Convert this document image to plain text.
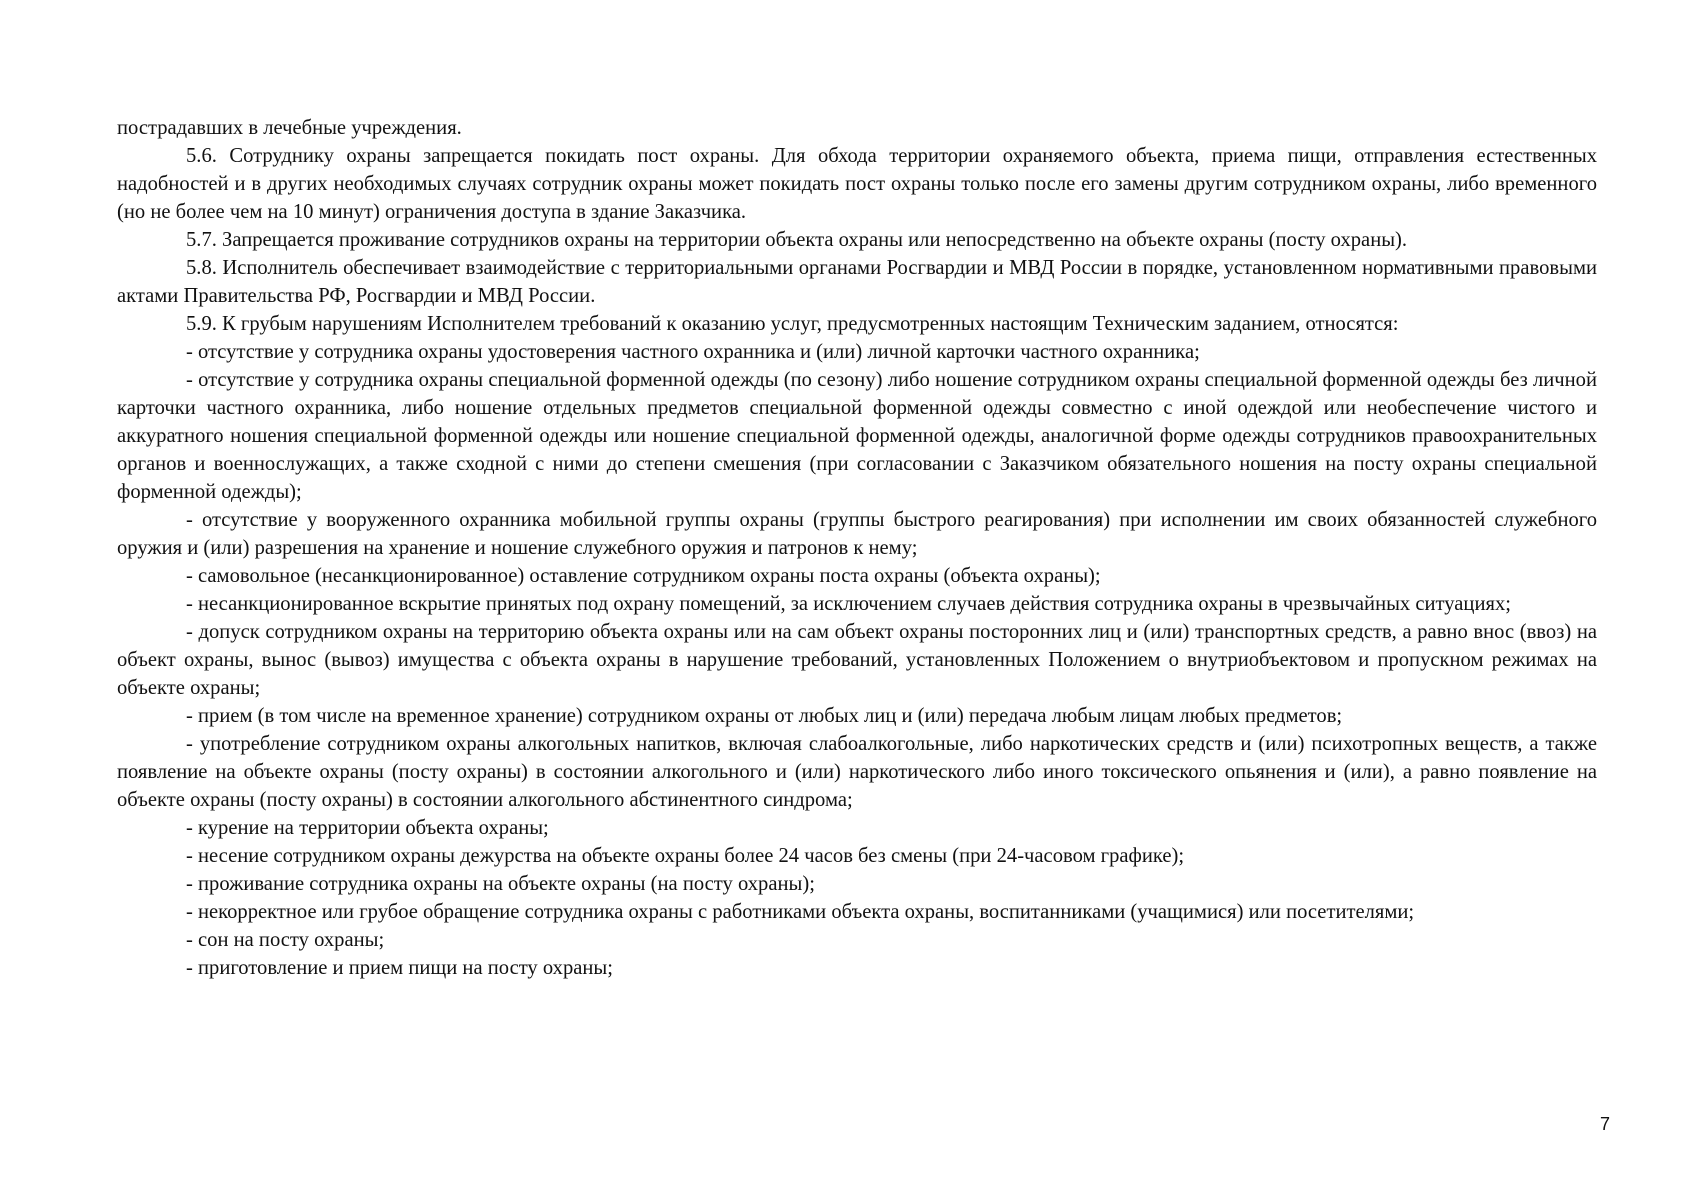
пострадавших в лечебные учреждения.

5.6. Сотруднику охраны запрещается покидать пост охраны. Для обхода территории охраняемого объекта, приема пищи, отправления естественных надобностей и в других необходимых случаях сотрудник охраны может покидать пост охраны только после его замены другим сотрудником охраны, либо временного (но не более чем на 10 минут) ограничения доступа в здание Заказчика.

5.7. Запрещается проживание сотрудников охраны на территории объекта охраны или непосредственно на объекте охраны (посту охраны).

5.8. Исполнитель обеспечивает взаимодействие с территориальными органами Росгвардии и МВД России в порядке, установленном нормативными правовыми актами Правительства РФ, Росгвардии и МВД России.

5.9. К грубым нарушениям Исполнителем требований к оказанию услуг, предусмотренных настоящим Техническим заданием, относятся:

- отсутствие у сотрудника охраны удостоверения частного охранника и (или) личной карточки частного охранника;

- отсутствие у сотрудника охраны специальной форменной одежды (по сезону) либо ношение сотрудником охраны специальной форменной одежды без личной карточки частного охранника, либо ношение отдельных предметов специальной форменной одежды совместно с иной одеждой или необеспечение чистого и аккуратного ношения специальной форменной одежды или ношение специальной форменной одежды, аналогичной форме одежды сотрудников правоохранительных органов и военнослужащих, а также сходной с ними до степени смешения (при согласовании с Заказчиком обязательного ношения на посту охраны специальной форменной одежды);

- отсутствие у вооруженного охранника мобильной группы охраны (группы быстрого реагирования) при исполнении им своих обязанностей служебного оружия и (или) разрешения на хранение и ношение служебного оружия и патронов к нему;

- самовольное (несанкционированное) оставление сотрудником охраны поста охраны (объекта охраны);

- несанкционированное вскрытие принятых под охрану помещений, за исключением случаев действия сотрудника охраны в чрезвычайных ситуациях;

- допуск сотрудником охраны на территорию объекта охраны или на сам объект охраны посторонних лиц и (или) транспортных средств, а равно внос (ввоз) на объект охраны, вынос (вывоз) имущества с объекта охраны в нарушение требований, установленных Положением о внутриобъектовом и пропускном режимах на объекте охраны;

- прием (в том числе на временное хранение) сотрудником охраны от любых лиц и (или) передача любым лицам любых предметов;

- употребление сотрудником охраны алкогольных напитков, включая слабоалкогольные, либо наркотических средств и (или) психотропных веществ, а также появление на объекте охраны (посту охраны) в состоянии алкогольного и (или) наркотического либо иного токсического опьянения и (или), а равно появление на объекте охраны (посту охраны) в состоянии алкогольного абстинентного синдрома;

- курение на территории объекта охраны;

- несение сотрудником охраны дежурства на объекте охраны более 24 часов без смены (при 24-часовом графике);

- проживание сотрудника охраны на объекте охраны (на посту охраны);

- некорректное или грубое обращение сотрудника охраны с работниками объекта охраны, воспитанниками (учащимися) или посетителями;

- сон на посту охраны;

- приготовление и прием пищи на посту охраны;

7
